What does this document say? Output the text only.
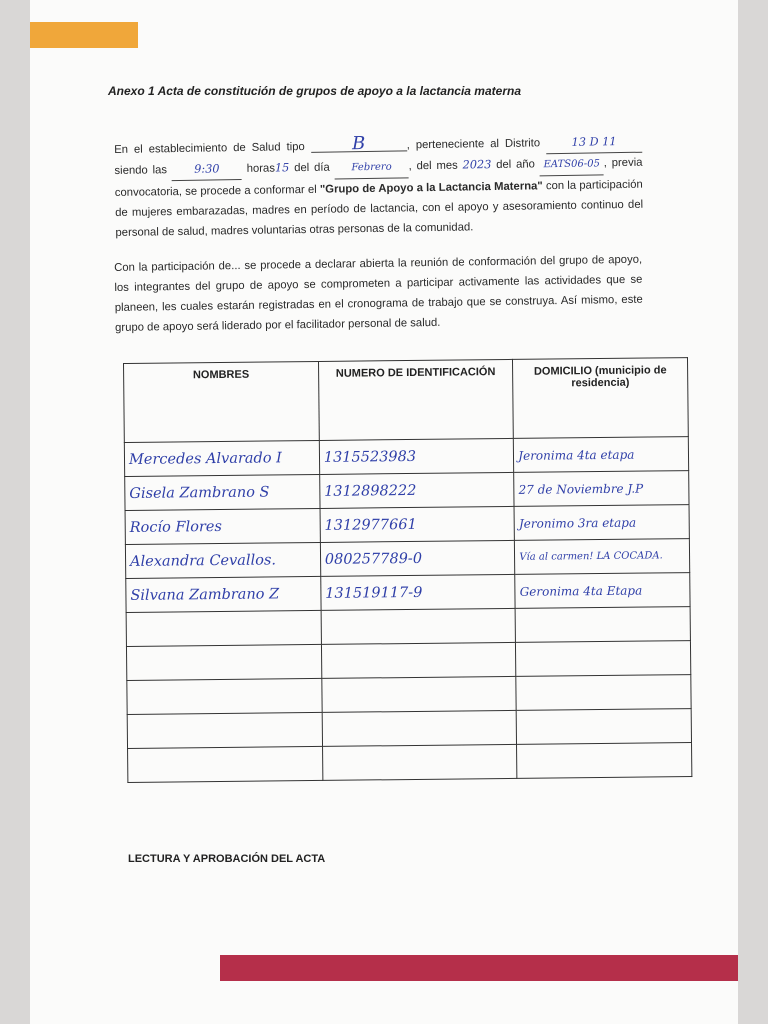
Anexo 1 Acta de constitución de grupos de apoyo a la lactancia materna
En el establecimiento de Salud tipo	B	, perteneciente al Distrito	13 D 11 siendo las 9:30 horas15 del día Febrero , del mes 2023 del año EATS06-05 , previa convocatoria, se procede a conformar el "Grupo de Apoyo a la Lactancia Materna" con la participación de mujeres embarazadas, madres en período de lactancia, con el apoyo y asesoramiento continuo del personal de salud, madres voluntarias otras personas de la comunidad.
Con la participación de... se procede a declarar abierta la reunión de conformación del grupo de apoyo, los integrantes del grupo de apoyo se comprometen a participar activamente las actividades que se planeen, les cuales estarán registradas en el cronograma de trabajo que se construya. Así mismo, este grupo de apoyo será liderado por el facilitador personal de salud.
NOMBRES	NUMERO DE IDENTIFICACIÓN	DOMICILIO (municipio de residencia)
Mercedes Alvarado I	1315523983	Jeronima 4ta etapa
Gisela Zambrano S	1312898222	27 de Noviembre J.P
Rocío Flores	1312977661	Jeronimo 3ra etapa
Alexandra Cevallos.	080257789-0	Vía al carmen! LA COCADA.
Silvana Zambrano Z	131519117-9	Geronima 4ta Etapa

LECTURA Y APROBACIÓN DEL ACTA
